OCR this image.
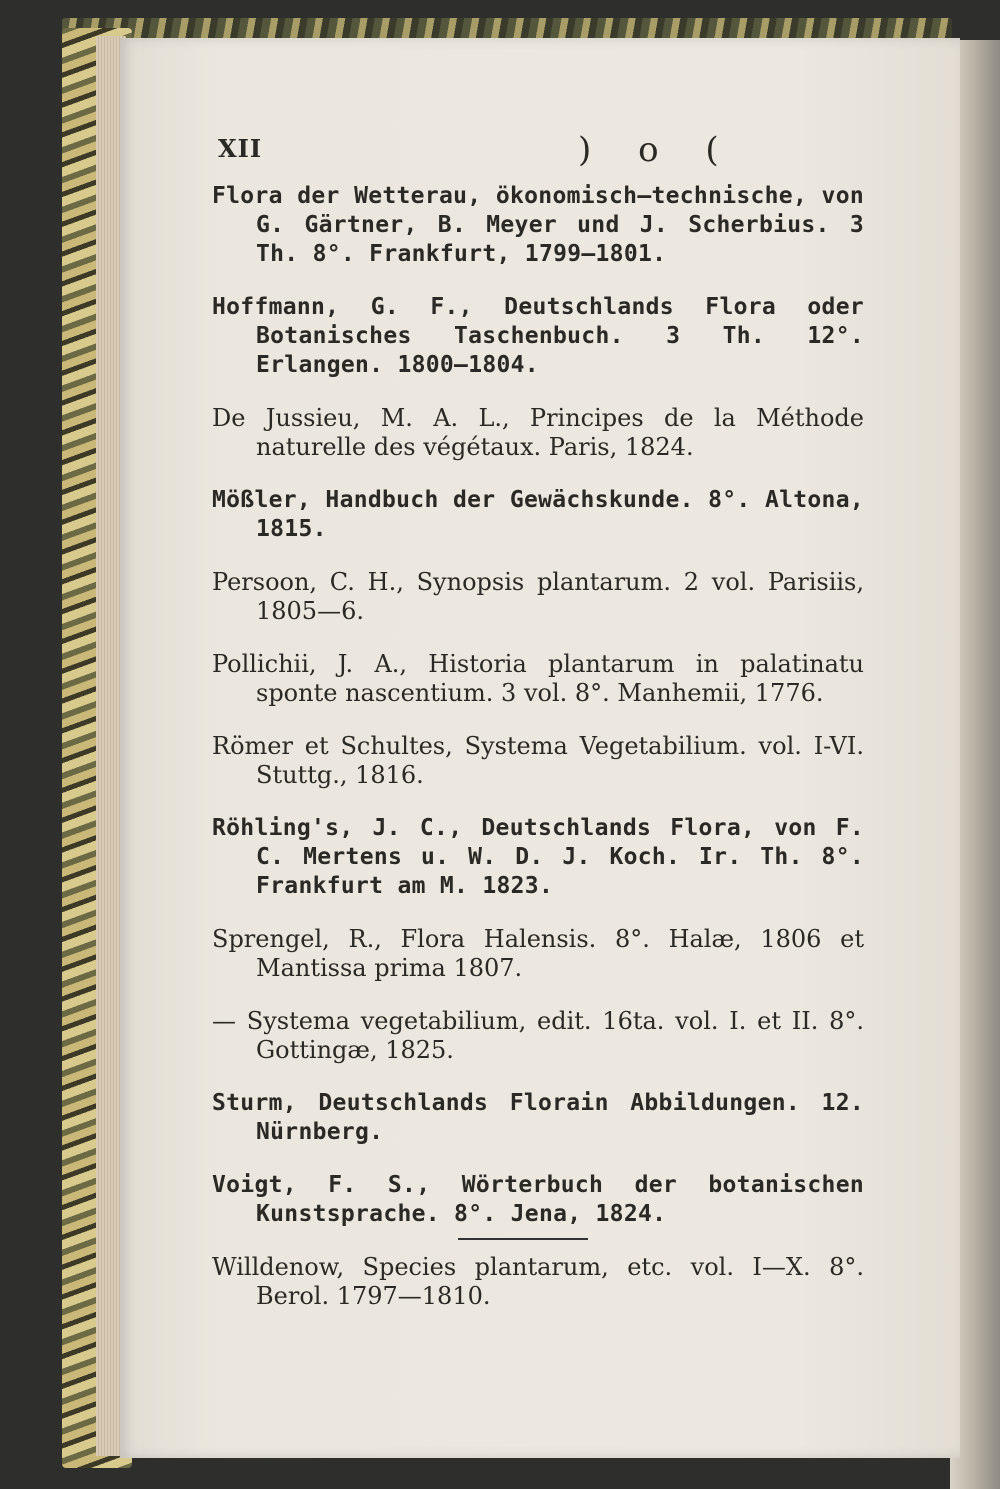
XII	) o (
Flora der Wetterau, ökonomisch—technische, von G. Gärtner, B. Meyer und J. Scherbius. 3 Th. 8°. Frankfurt, 1799—1801.
Hoffmann, G. F., Deutschlands Flora oder Botanisches Taschenbuch. 3 Th. 12°. Erlangen. 1800—1804.
De Jussieu, M. A. L., Principes de la Méthode naturelle des végétaux. Paris, 1824.
Mößler, Handbuch der Gewächskunde. 8°. Altona, 1815.
Persoon, C. H., Synopsis plantarum. 2 vol. Parisiis, 1805—6.
Pollichii, J. A., Historia plantarum in palatinatu sponte nascentium. 3 vol. 8°. Manhemii, 1776.
Römer et Schultes, Systema Vegetabilium. vol. I-VI. Stuttg., 1816.
Röhling's, J. C., Deutschlands Flora, von F. C. Mertens u. W. D. J. Koch. Ir. Th. 8°. Frankfurt am M. 1823.
Sprengel, R., Flora Halensis. 8°. Halæ, 1806 et Mantissa prima 1807.
— Systema vegetabilium, edit. 16ta. vol. I. et II. 8°. Gottingæ, 1825.
Sturm, Deutschlands Florain Abbildungen. 12. Nürnberg.
Voigt, F. S., Wörterbuch der botanischen Kunstsprache. 8°. Jena, 1824.
Willdenow, Species plantarum, etc. vol. I—X. 8°. Berol. 1797—1810.
